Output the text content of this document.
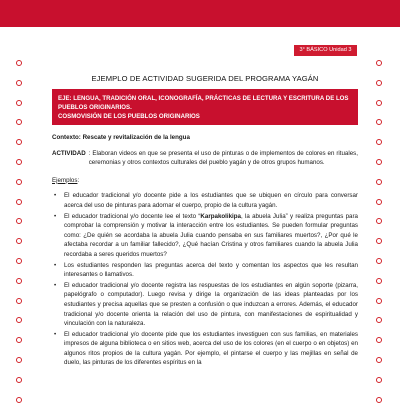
3° BÁSICO Unidad 3

EJEMPLO DE ACTIVIDAD SUGERIDA DEL PROGRAMA YAGÁN

EJE: LENGUA, TRADICIÓN ORAL, ICONOGRAFÍA, PRÁCTICAS DE LECTURA Y ESCRITURA DE LOS PUEBLOS ORIGINARIOS.
COSMOVISIÓN DE LOS PUEBLOS ORIGINARIOS

Contexto: Rescate y revitalización de la lengua

ACTIVIDAD : Elaboran videos en que se presenta el uso de pinturas o de implementos de colores en rituales, ceremonias y otros contextos culturales del pueblo yagán y de otros grupos humanos.

Ejemplos:

• El educador tradicional y/o docente pide a los estudiantes que se ubiquen en círculo para conversar acerca del uso de pinturas para adornar el cuerpo, propio de la cultura yagán.
• El educador tradicional y/o docente lee el texto “Karpakolikipa, la abuela Julia” y realiza preguntas para comprobar la comprensión y motivar la interacción entre los estudiantes. Se pueden formular preguntas como: ¿De quién se acordaba la abuela Julia cuando pensaba en sus familiares muertos?, ¿Por qué le afectaba recordar a un familiar fallecido?, ¿Qué hacían Cristina y otros familiares cuando la abuela Julia recordaba a seres queridos muertos?
• Los estudiantes responden las preguntas acerca del texto y comentan los aspectos que les resultan interesantes o llamativos.
• El educador tradicional y/o docente registra las respuestas de los estudiantes en algún soporte (pizarra, papelógrafo o computador). Luego revisa y dirige la organización de las ideas planteadas por los estudiantes y precisa aquellas que se presten a confusión o que induzcan a errores. Además, el educador tradicional y/o docente orienta la relación del uso de pintura, con manifestaciones de espiritualidad y vinculación con la naturaleza.
• El educador tradicional y/o docente pide que los estudiantes investiguen con sus familias, en materiales impresos de alguna biblioteca o en sitios web, acerca del uso de los colores (en el cuerpo o en objetos) en algunos ritos propios de la cultura yagán. Por ejemplo, el pintarse el cuerpo y las mejillas en señal de duelo, las pinturas de los diferentes espíritus en la
